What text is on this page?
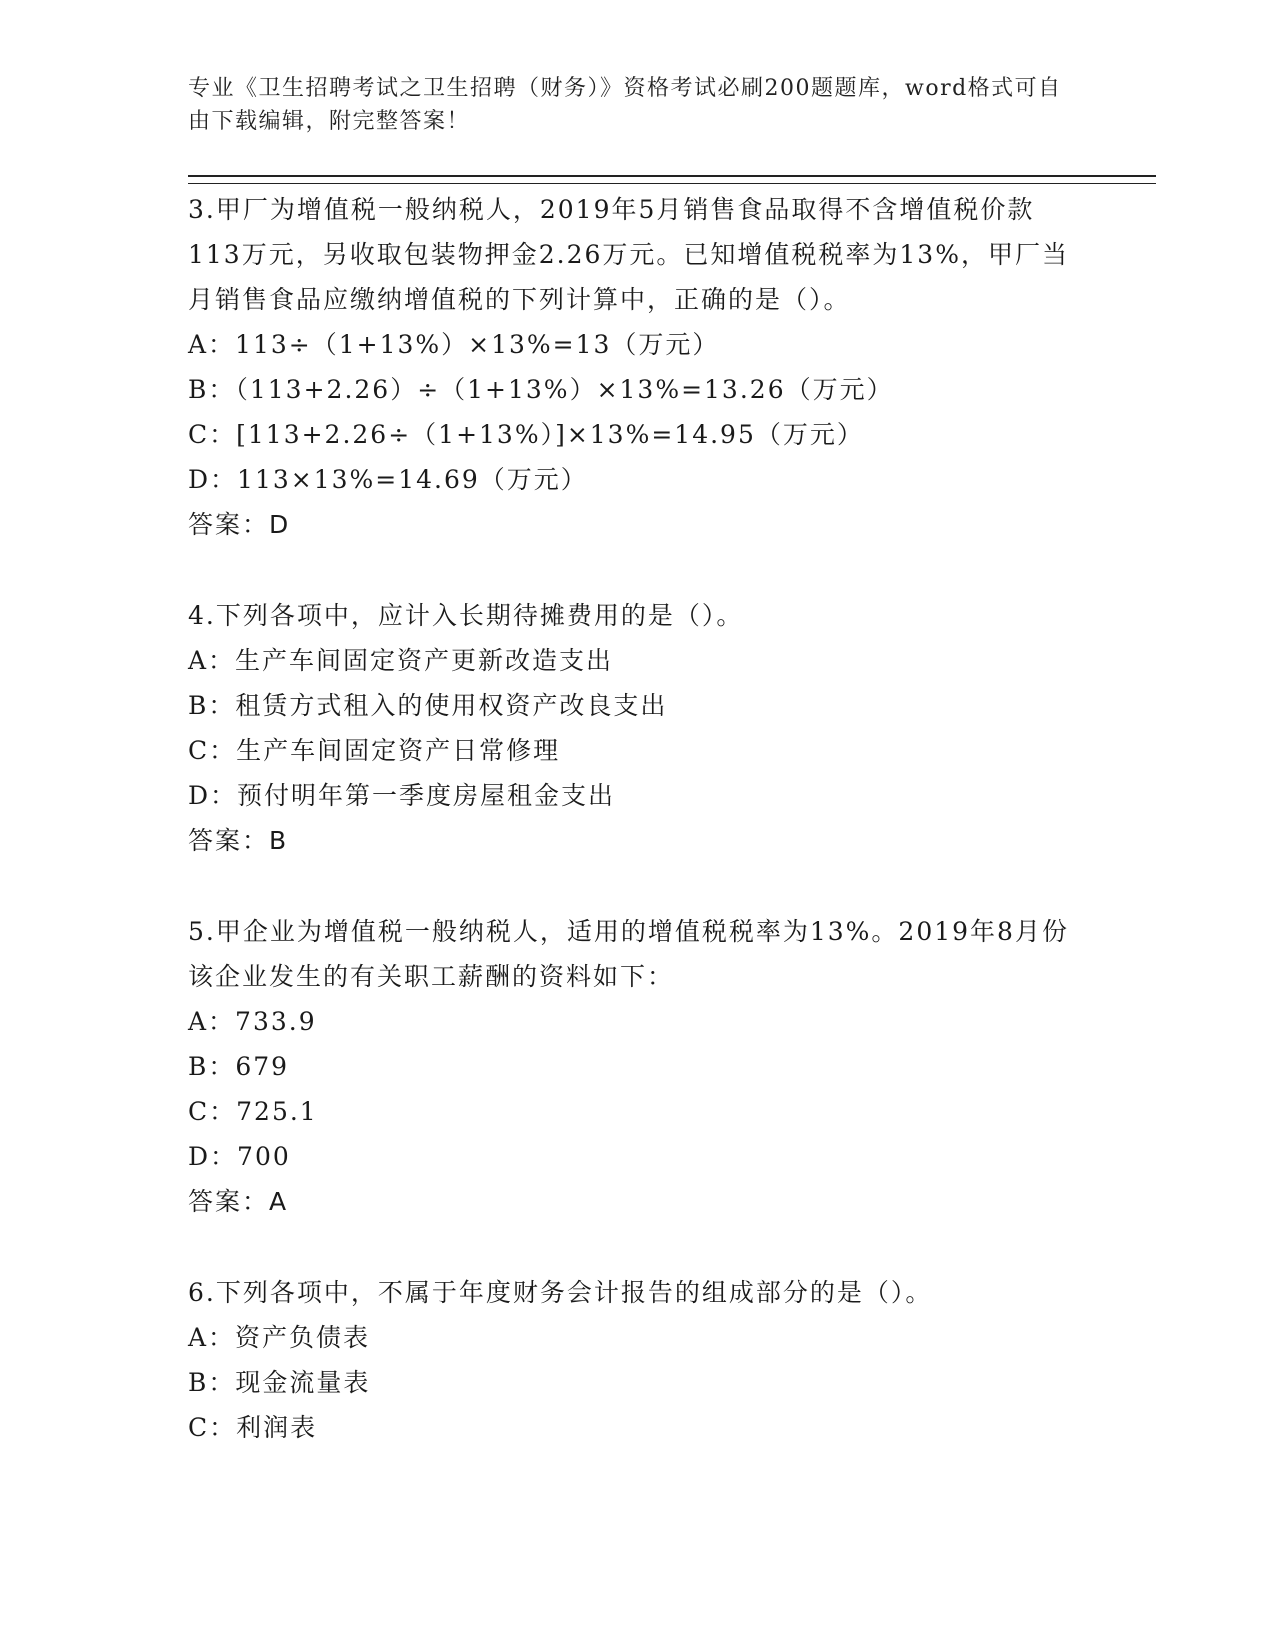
专业《卫生招聘考试之卫生招聘（财务）》资格考试必刷200题题库，word格式可自由下载编辑，附完整答案！

3.甲厂为增值税一般纳税人，2019年5月销售食品取得不含增值税价款113万元，另收取包装物押金2.26万元。已知增值税税率为13%，甲厂当月销售食品应缴纳增值税的下列计算中，正确的是（）。

A：113÷（1+13%）×13%=13（万元）

B：（113+2.26）÷（1+13%）×13%=13.26（万元）

C：[113+2.26÷（1+13%）]×13%=14.95（万元）

D：113×13%=14.69（万元）

答案：D

4.下列各项中，应计入长期待摊费用的是（）。

A：生产车间固定资产更新改造支出

B：租赁方式租入的使用权资产改良支出

C：生产车间固定资产日常修理

D：预付明年第一季度房屋租金支出

答案：B

5.甲企业为增值税一般纳税人，适用的增值税税率为13%。2019年8月份该企业发生的有关职工薪酬的资料如下：

A：733.9

B：679

C：725.1

D：700

答案：A

6.下列各项中，不属于年度财务会计报告的组成部分的是（）。

A：资产负债表

B：现金流量表

C：利润表
